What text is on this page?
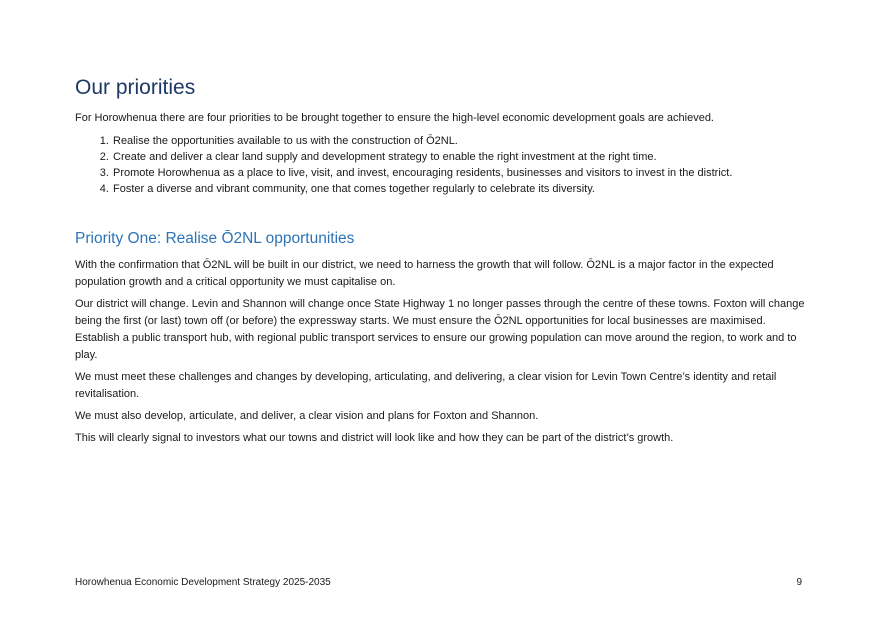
Our priorities

For Horowhenua there are four priorities to be brought together to ensure the high-level economic development goals are achieved.

1. Realise the opportunities available to us with the construction of Ō2NL.
2. Create and deliver a clear land supply and development strategy to enable the right investment at the right time.
3. Promote Horowhenua as a place to live, visit, and invest, encouraging residents, businesses and visitors to invest in the district.
4. Foster a diverse and vibrant community, one that comes together regularly to celebrate its diversity.
Priority One: Realise Ō2NL opportunities

With the confirmation that Ō2NL will be built in our district, we need to harness the growth that will follow. Ō2NL is a major factor in the expected population growth and a critical opportunity we must capitalise on.

Our district will change. Levin and Shannon will change once State Highway 1 no longer passes through the centre of these towns. Foxton will change being the first (or last) town off (or before) the expressway starts. We must ensure the Ō2NL opportunities for local businesses are maximised. Establish a public transport hub, with regional public transport services to ensure our growing population can move around the region, to work and to play.

We must meet these challenges and changes by developing, articulating, and delivering, a clear vision for Levin Town Centre’s identity and retail revitalisation.

We must also develop, articulate, and deliver, a clear vision and plans for Foxton and Shannon.

This will clearly signal to investors what our towns and district will look like and how they can be part of the district’s growth.

Horowhenua Economic Development Strategy 2025-2035	9
